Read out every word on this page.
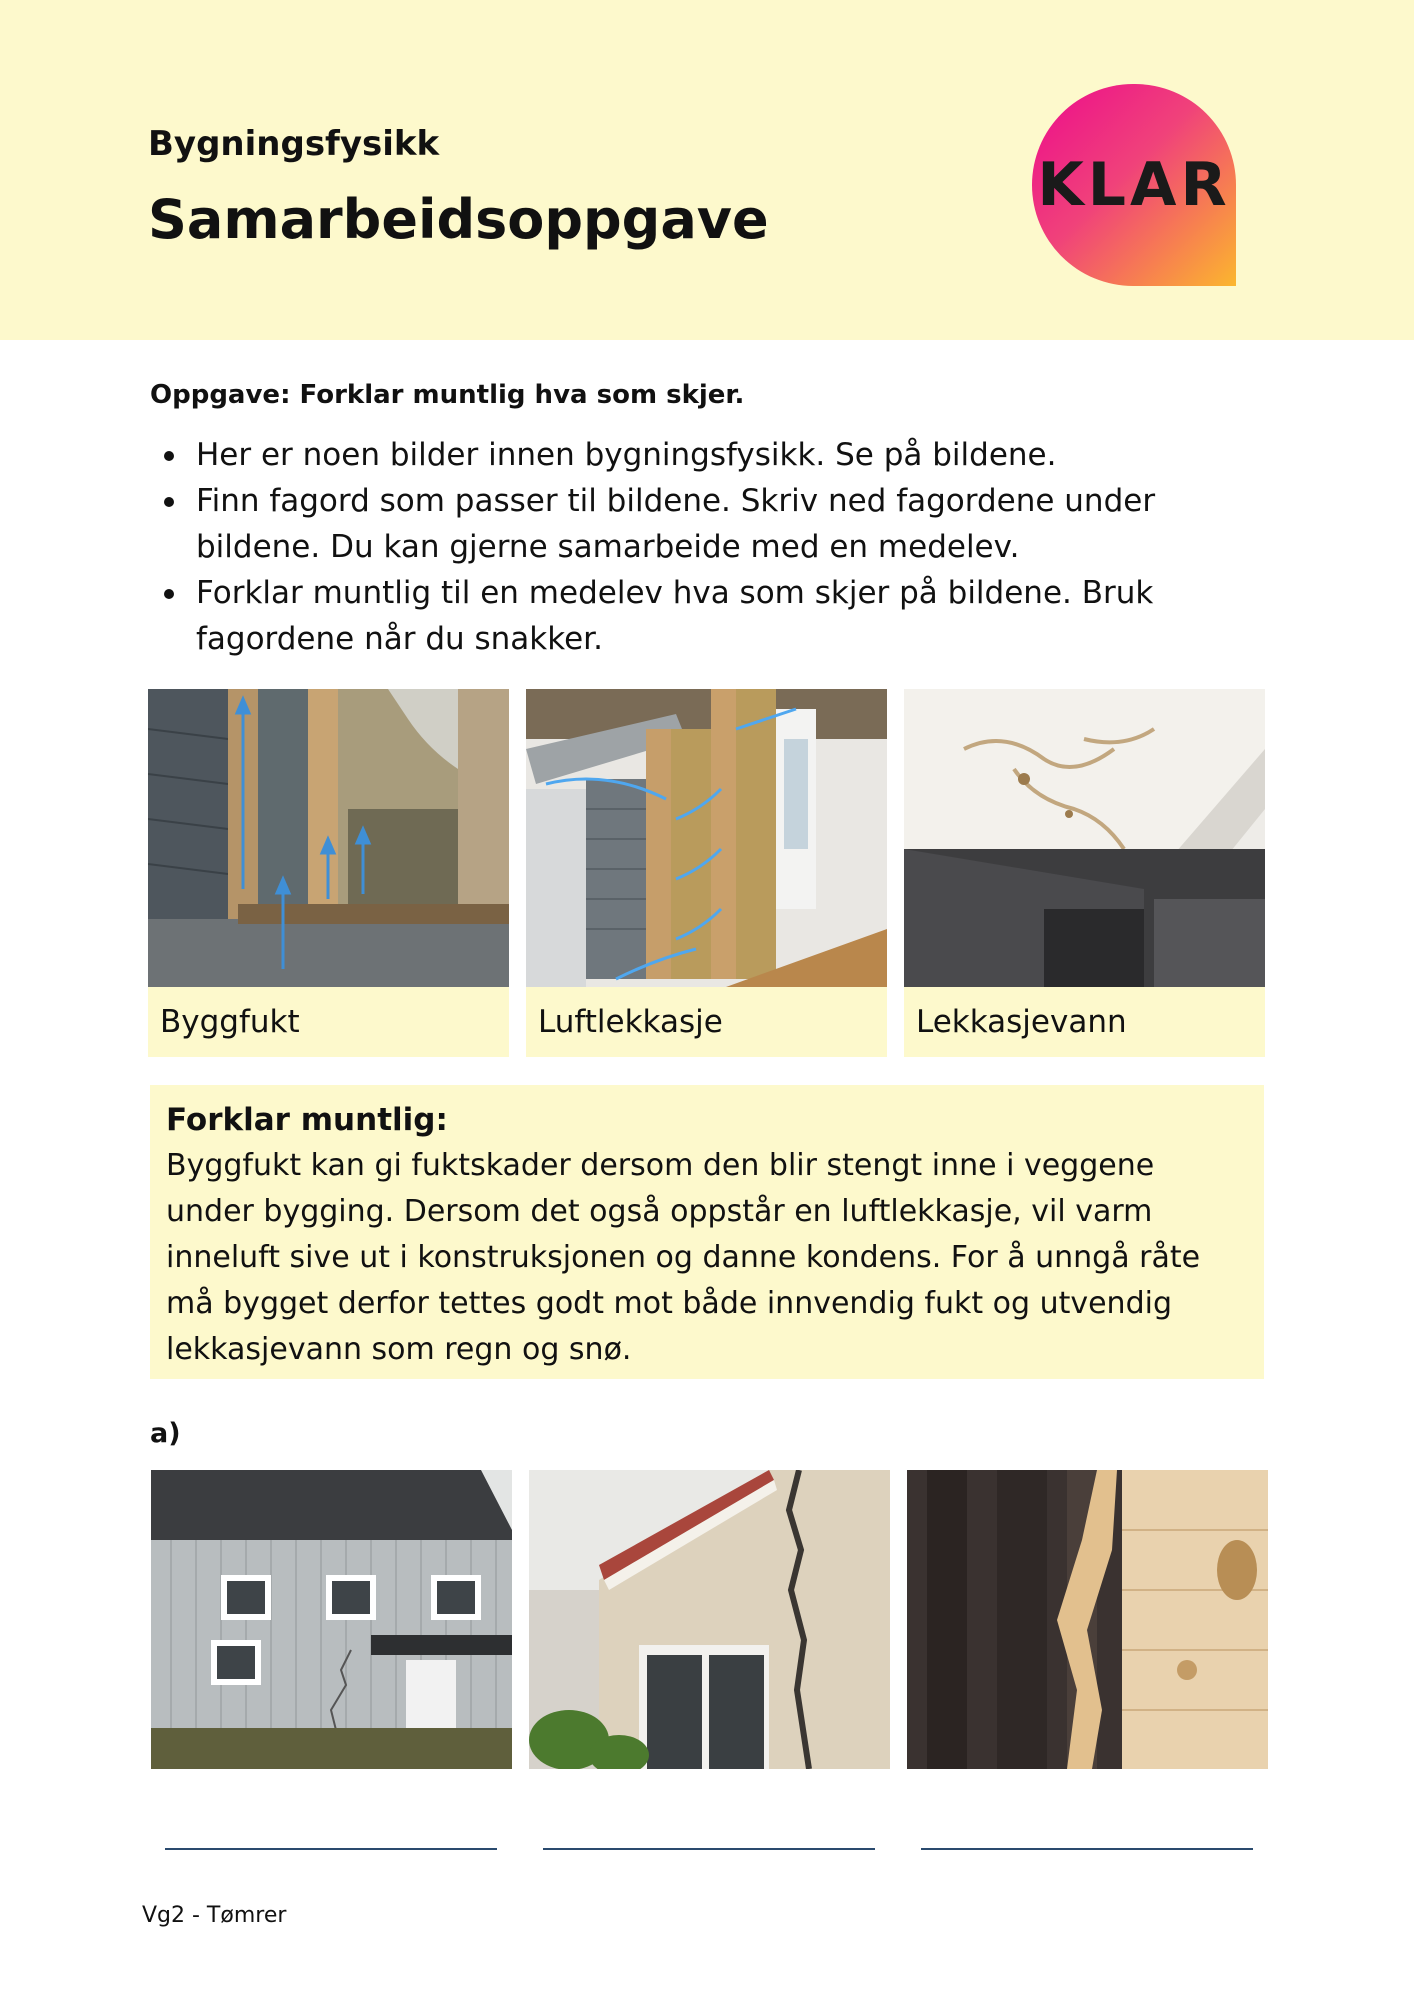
Bygningsfysikk
Samarbeidsoppgave	KLAR
Oppgave: Forklar muntlig hva som skjer.
Her er noen bilder innen bygningsfysikk. Se på bildene.
Finn fagord som passer til bildene. Skriv ned fagordene under bildene. Du kan gjerne samarbeide med en medelev.
Forklar muntlig til en medelev hva som skjer på bildene. Bruk fagordene når du snakker.
Byggfukt	Luftlekkasje	Lekkasjevann
Forklar muntlig:
Byggfukt kan gi fuktskader dersom den blir stengt inne i veggene under bygging. Dersom det også oppstår en luftlekkasje, vil varm inneluft sive ut i konstruksjonen og danne kondens. For å unngå råte må bygget derfor tettes godt mot både innvendig fukt og utvendig lekkasjevann som regn og snø.
a)
Vg2 - Tømrer
